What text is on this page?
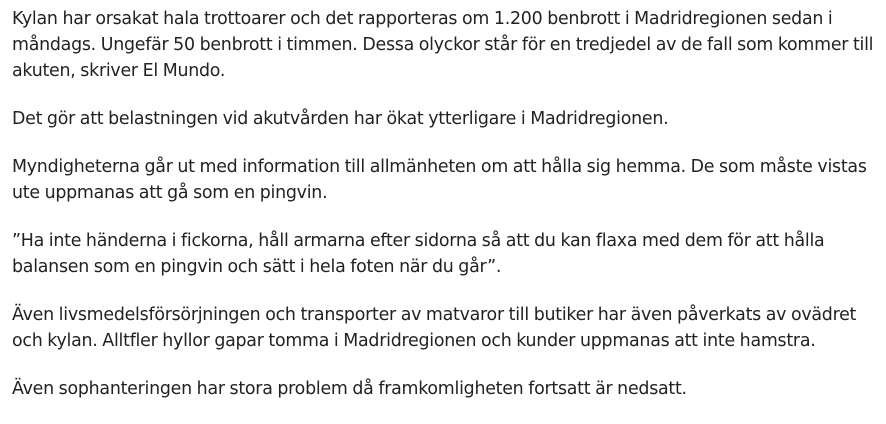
Kylan har orsakat hala trottoarer och det rapporteras om 1.200 benbrott i Madridregionen sedan i måndags. Ungefär 50 benbrott i timmen. Dessa olyckor står för en tredjedel av de fall som kommer till akuten, skriver El Mundo.

Det gör att belastningen vid akutvården har ökat ytterligare i Madridregionen.

Myndigheterna går ut med information till allmänheten om att hålla sig hemma. De som måste vistas ute uppmanas att gå som en pingvin.

”Ha inte händerna i fickorna, håll armarna efter sidorna så att du kan flaxa med dem för att hålla balansen som en pingvin och sätt i hela foten när du går”.

Även livsmedelsförsörjningen och transporter av matvaror till butiker har även påverkats av ovädret och kylan. Alltfler hyllor gapar tomma i Madridregionen och kunder uppmanas att inte hamstra.

Även sophanteringen har stora problem då framkomligheten fortsatt är nedsatt.
